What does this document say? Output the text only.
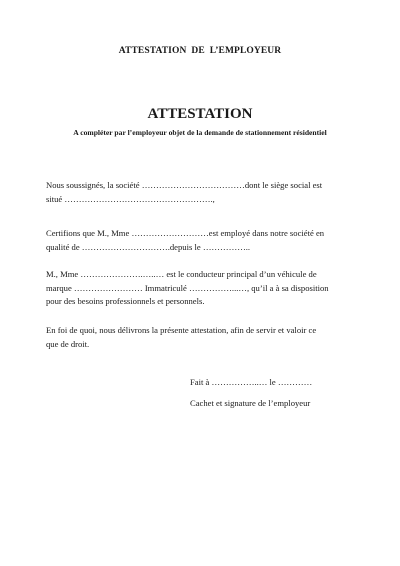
ATTESTATION  DE  L’EMPLOYEUR
ATTESTATION
A compléter par l’employeur objet de la demande de stationnement résidentiel
Nous soussignés, la société ………………………………dont le siège social est
situé …………………………………………….,
Certifions que M., Mme ………………………est employé dans notre société en
qualité de ………………………….depuis le ……………..
M., Mme ………………….…..… est le conducteur principal d’un véhicule de
marque …………………… Immatriculé ……………...…, qu’il a à sa disposition
pour des besoins professionnels et personnels.
En foi de quoi, nous délivrons la présente attestation, afin de servir et valoir ce
que de droit.
Fait à ……………..… le …………
Cachet et signature de l’employeur
